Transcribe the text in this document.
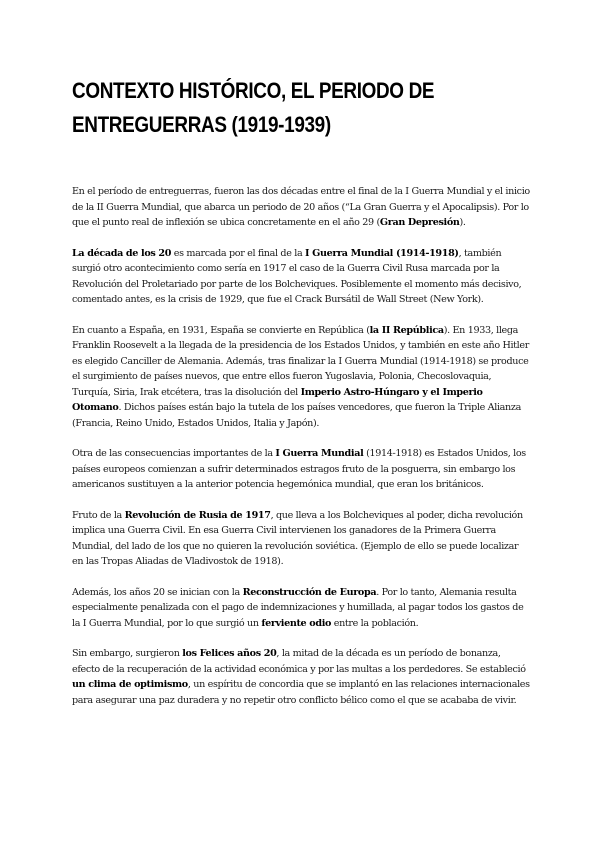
CONTEXTO HISTÓRICO, EL PERIODO DE
ENTREGUERRAS (1919-1939)

En el período de entreguerras, fueron las dos décadas entre el final de la I Guerra Mundial y el inicio de la II Guerra Mundial, que abarca un periodo de 20 años (“La Gran Guerra y el Apocalipsis). Por lo que el punto real de inflexión se ubica concretamente en el año 29 (Gran Depresión).

La década de los 20 es marcada por el final de la I Guerra Mundial (1914-1918), también surgió otro acontecimiento como sería en 1917 el caso de la Guerra Civil Rusa marcada por la Revolución del Proletariado por parte de los Bolcheviques. Posiblemente el momento más decisivo, comentado antes, es la crisis de 1929, que fue el Crack Bursátil de Wall Street (New York).

En cuanto a España, en 1931, España se convierte en República (la II República). En 1933, llega Franklin Roosevelt a la llegada de la presidencia de los Estados Unidos, y también en este año Hitler es elegido Canciller de Alemania. Además, tras finalizar la I Guerra Mundial (1914-1918) se produce el surgimiento de países nuevos, que entre ellos fueron Yugoslavia, Polonia, Checoslovaquia, Turquía, Siria, Irak etcétera, tras la disolución del Imperio Astro-Húngaro y el Imperio Otomano. Dichos países están bajo la tutela de los países vencedores, que fueron la Triple Alianza (Francia, Reino Unido, Estados Unidos, Italia y Japón).

Otra de las consecuencias importantes de la I Guerra Mundial (1914-1918) es Estados Unidos, los países europeos comienzan a sufrir determinados estragos fruto de la posguerra, sin embargo los americanos sustituyen a la anterior potencia hegemónica mundial, que eran los británicos.

Fruto de la Revolución de Rusia de 1917, que lleva a los Bolcheviques al poder, dicha revolución implica una Guerra Civil. En esa Guerra Civil intervienen los ganadores de la Primera Guerra Mundial, del lado de los que no quieren la revolución soviética. (Ejemplo de ello se puede localizar en las Tropas Aliadas de Vladivostok de 1918).

Además, los años 20 se inician con la Reconstrucción de Europa. Por lo tanto, Alemania resulta especialmente penalizada con el pago de indemnizaciones y humillada, al pagar todos los gastos de la I Guerra Mundial, por lo que surgió un ferviente odio entre la población.

Sin embargo, surgieron los Felices años 20, la mitad de la década es un período de bonanza, efecto de la recuperación de la actividad económica y por las multas a los perdedores. Se estableció un clima de optimismo, un espíritu de concordia que se implantó en las relaciones internacionales para asegurar una paz duradera y no repetir otro conflicto bélico como el que se acababa de vivir.
